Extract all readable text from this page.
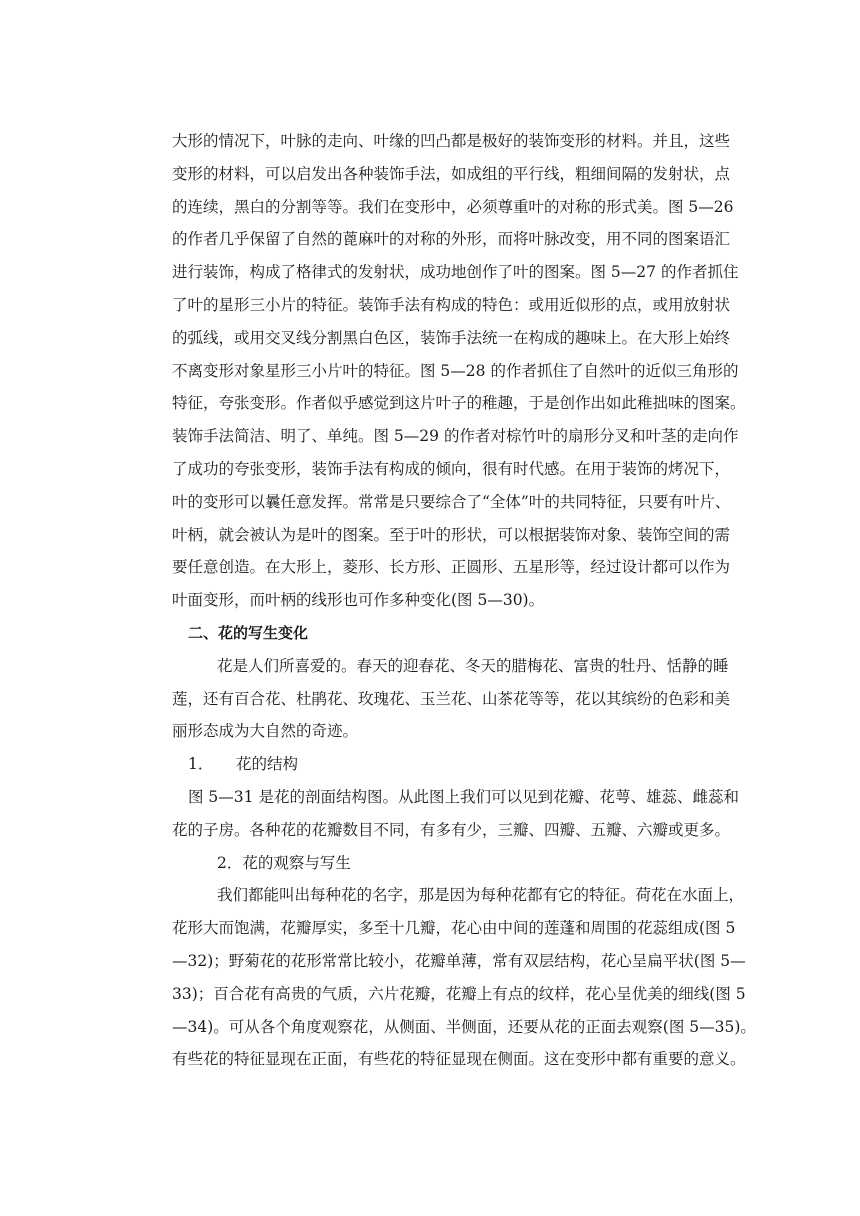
大形的情况下，叶脉的走向、叶缘的凹凸都是极好的装饰变形的材料。并且，这些
变形的材料，可以启发出各种装饰手法，如成组的平行线，粗细间隔的发射状，点
的连续，黑白的分割等等。我们在变形中，必须尊重叶的对称的形式美。图 5—26
的作者几乎保留了自然的蓖麻叶的对称的外形，而将叶脉改变，用不同的图案语汇
进行装饰，构成了格律式的发射状，成功地创作了叶的图案。图 5—27 的作者抓住
了叶的星形三小片的特征。装饰手法有构成的特色：或用近似形的点，或用放射状
的弧线，或用交叉线分割黑白色区，装饰手法统一在构成的趣味上。在大形上始终
不离变形对象星形三小片叶的特征。图 5—28 的作者抓住了自然叶的近似三角形的
特征，夸张变形。作者似乎感觉到这片叶子的稚趣，于是创作出如此稚拙味的图案。
装饰手法简洁、明了、单纯。图 5—29 的作者对棕竹叶的扇形分叉和叶茎的走向作
了成功的夸张变形，装饰手法有构成的倾向，很有时代感。在用于装饰的烤况下，
叶的变形可以曩任意发挥。常常是只要综合了“全体”叶的共同特征，只要有叶片、
叶柄，就会被认为是叶的图案。至于叶的形状，可以根据装饰对象、装饰空间的需
要任意创造。在大形上，菱形、长方形、正圆形、五星形等，经过设计都可以作为
叶面变形，而叶柄的线形也可作多种变化(图 5—30)。
二、花的写生变化
花是人们所喜爱的。春天的迎春花、冬天的腊梅花、富贵的牡丹、恬静的睡
莲，还有百合花、杜鹃花、玫瑰花、玉兰花、山茶花等等，花以其缤纷的色彩和美
丽形态成为大自然的奇迹。
1． 花的结构
图 5—31 是花的剖面结构图。从此图上我们可以见到花瓣、花萼、雄蕊、雌蕊和
花的子房。各种花的花瓣数目不同，有多有少，三瓣、四瓣、五瓣、六瓣或更多。
2．花的观察与写生
我们都能叫出每种花的名字，那是因为每种花都有它的特征。荷花在水面上，
花形大而饱满，花瓣厚实，多至十几瓣，花心由中间的莲蓬和周围的花蕊组成(图 5
—32)；野菊花的花形常常比较小，花瓣单薄，常有双层结构，花心呈扁平状(图 5—
33)；百合花有高贵的气质，六片花瓣，花瓣上有点的纹样，花心呈优美的细线(图 5
—34)。可从各个角度观察花，从侧面、半侧面，还要从花的正面去观察(图 5—35)。
有些花的特征显现在正面，有些花的特征显现在侧面。这在变形中都有重要的意义。
